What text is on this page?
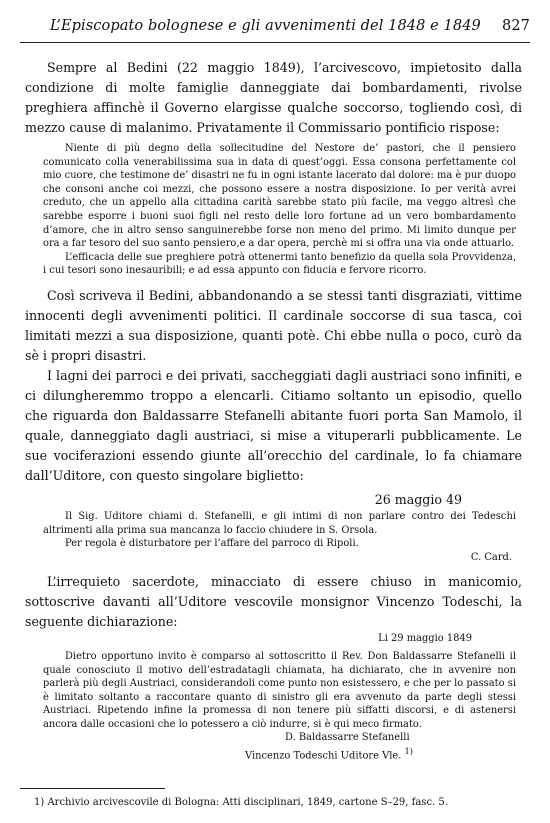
L’Episcopato bolognese e gli avvenimenti del 1848 e 1849 827

Sempre al Bedini (22 maggio 1849), l’arcivescovo, impietosito dalla condizione di molte famiglie danneggiate dai bombardamenti, rivolse preghiera affinchè il Governo elargisse qualche soccorso, togliendo così, di mezzo cause di malanimo. Privatamente il Commissario pontificio rispose:

Niente di più degno della sollecitudine del Nestore de’ pastori, che il pensiero comunicato colla venerabilissima sua in data di quest’oggi. Essa consona perfettamente col mio cuore, che testimone de’ disastri ne fu in ogni istante lacerato dal dolore: ma è pur duopo che consoni anche coi mezzi, che possono essere a nostra disposizione. Io per verità avrei creduto, che un appello alla cittadina carità sarebbe stato più facile, ma veggo altresì che sarebbe esporre i buoni suoi figli nel resto delle loro fortune ad un vero bombardamento d’amore, che in altro senso sanguinerebbe forse non meno del primo. Mi limito dunque per ora a far tesoro del suo santo pensiero,e a dar opera, perchè mi si offra una via onde attuarlo.

L’efficacia delle sue preghiere potrà ottenermi tanto benefizio da quella sola Provvidenza, i cui tesori sono inesauribili; e ad essa appunto con fiducia e fervore ricorro.

Così scriveva il Bedini, abbandonando a se stessi tanti disgraziati, vittime innocenti degli avvenimenti politici. Il cardinale soccorse di sua tasca, coi limitati mezzi a sua disposizione, quanti potè. Chi ebbe nulla o poco, curò da sè i propri disastri.

I lagni dei parroci e dei privati, saccheggiati dagli austriaci sono infiniti, e ci dilungheremmo troppo a elencarli. Citiamo soltanto un episodio, quello che riguarda don Baldassarre Stefanelli abitante fuori porta San Mamolo, il quale, danneggiato dagli austriaci, si mise a vituperarli pubblicamente. Le sue vociferazioni essendo giunte all’orecchio del cardinale, lo fa chiamare dall’Uditore, con questo singolare biglietto:

26 maggio 49

Il Sig. Uditore chiami d. Stefanelli, e gli intimi di non parlare contro dei Tedeschi altrimenti alla prima sua mancanza lo faccio chiudere in S. Orsola.

Per regola è disturbatore per l’affare del parroco di Ripoli.

C. Card.

L’irrequieto sacerdote, minacciato di essere chiuso in manicomio, sottoscrive davanti all’Uditore vescovile monsignor Vincenzo Todeschi, la seguente dichiarazione:

Li 29 maggio 1849

Dietro opportuno invito è comparso al sottoscritto il Rev. Don Baldassarre Stefanelli il quale conosciuto il motivo dell’estradatagli chiamata, ha dichiarato, che in avvenire non parlerà più degli Austriaci, considerandoli come punto non esistessero, e che per lo passato si è limitato soltanto a raccontare quanto di sinistro gli era avvenuto da parte degli stessi Austriaci. Ripetendo infine la promessa di non tenere più siffatti discorsi, e di astenersi ancora dalle occasioni che lo potessero a ciò indurre, si è qui meco firmato.

D. Baldassarre Stefanelli

Vincenzo Todeschi Uditore Vle. $^{1)}$

1) Archivio arcivescovile di Bologna: Atti disciplinari, 1849, cartone S–29, fasc. 5.
